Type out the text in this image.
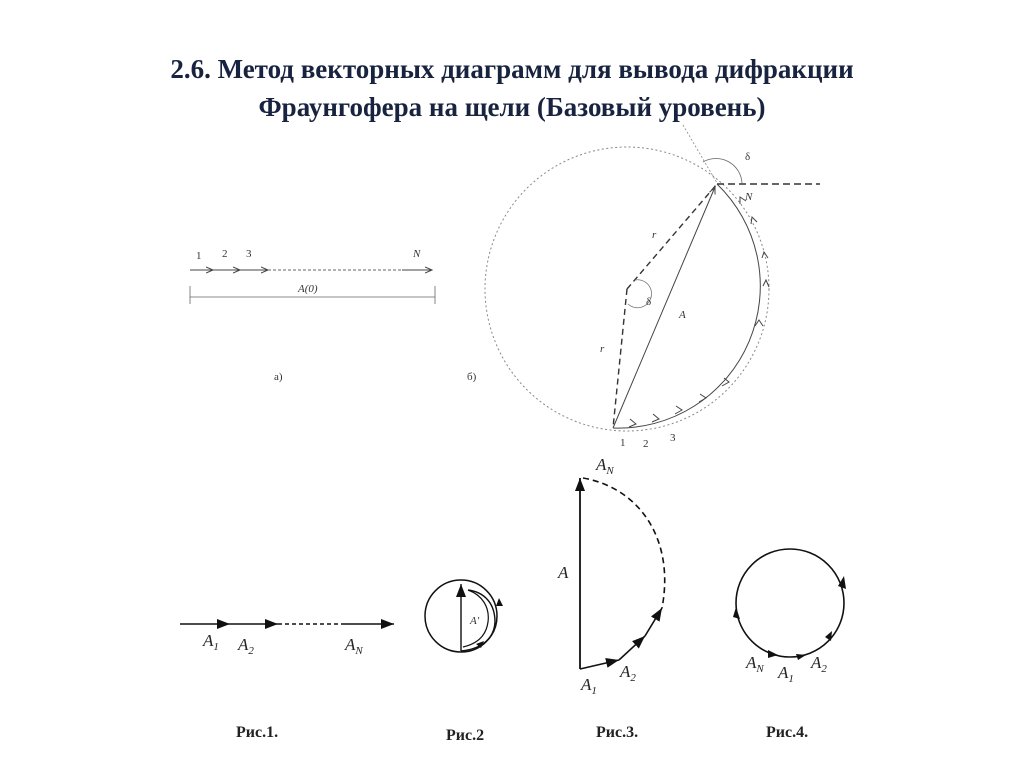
2.6. Метод векторных диаграмм для вывода дифракции
Фраунгофера на щели (Базовый уровень)
1 2 3	N
A(0)
а)
δ
r
r
δ
A
1 2 3
N
б)
$A_1$ $A_2$	$A_N$
Рис.1.
A′
Рис.2
$A_N$
A
$A_1$
$A_2$
Рис.3.
$A_N$ $A_1$
$A_2$
Рис.4.
